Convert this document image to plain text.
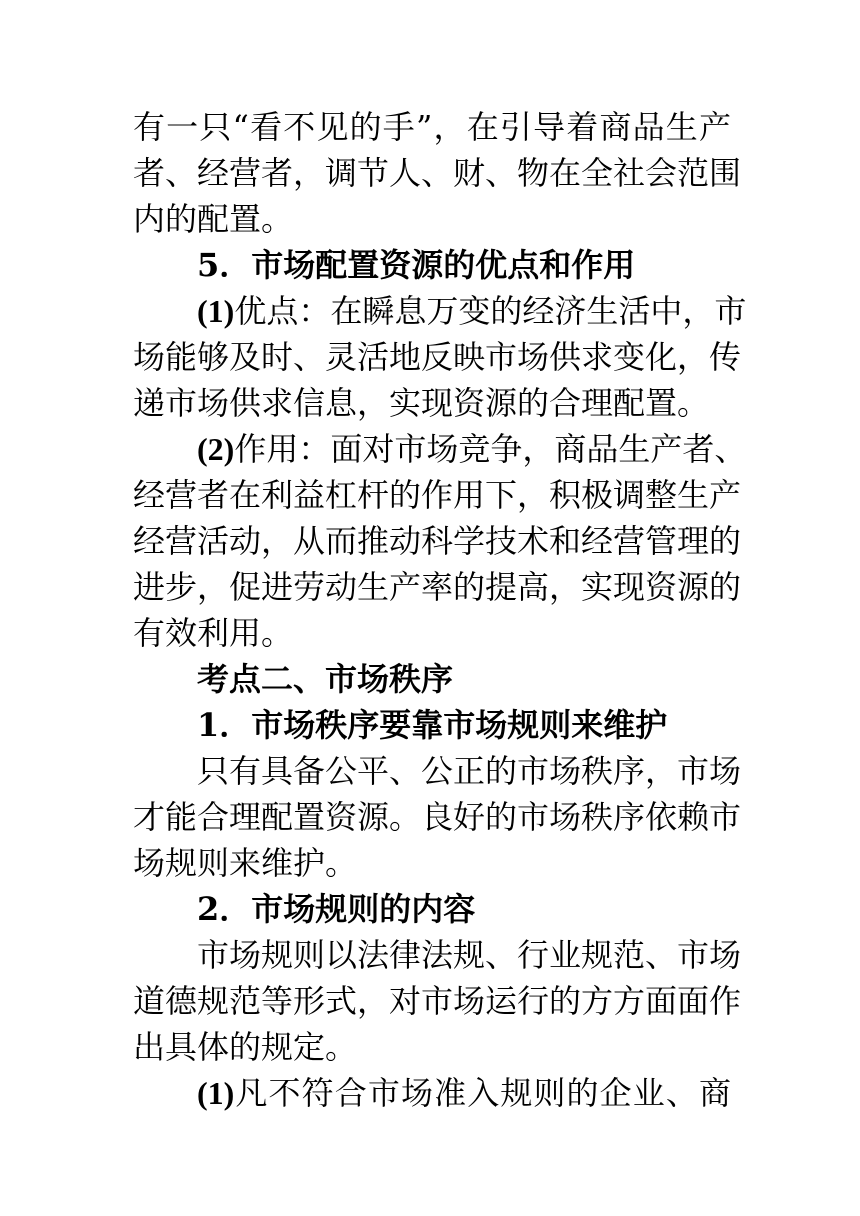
有一只“看不见的手”，在引导着商品生产
者、经营者，调节人、财、物在全社会范围
内的配置。
5．市场配置资源的优点和作用
(1)优点：在瞬息万变的经济生活中，市
场能够及时、灵活地反映市场供求变化，传
递市场供求信息，实现资源的合理配置。
(2)作用：面对市场竞争，商品生产者、
经营者在利益杠杆的作用下，积极调整生产
经营活动，从而推动科学技术和经营管理的
进步，促进劳动生产率的提高，实现资源的
有效利用。
考点二、市场秩序
1．市场秩序要靠市场规则来维护
只有具备公平、公正的市场秩序，市场
才能合理配置资源。良好的市场秩序依赖市
场规则来维护。
2．市场规则的内容
市场规则以法律法规、行业规范、市场
道德规范等形式，对市场运行的方方面面作
出具体的规定。
(1)凡不符合市场准入规则的企业、商
